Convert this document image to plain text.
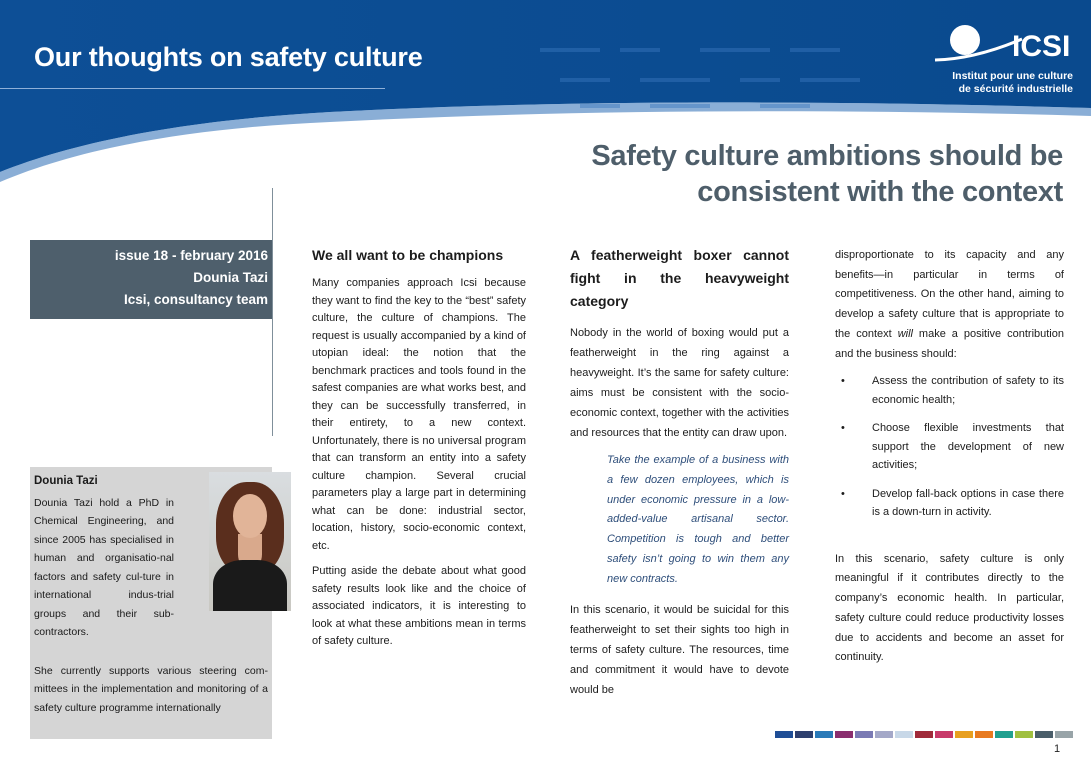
Our thoughts on safety culture	ICSI
Institut pour une culture
de sécurité industrielle
Safety culture ambitions should be
consistent with the context
issue 18 - february 2016
Dounia Tazi
Icsi, consultancy team
Dounia Tazi
Dounia Tazi hold a PhD in Chemical Engineering, and since 2005 has specialised in human and organisatio-nal factors and safety cul-ture in international indus-trial groups and their sub-contractors.
She currently supports various steering com-mittees in the implementation and monitoring of a safety culture programme internationally
We all want to be champions

Many companies approach Icsi because they want to find the key to the “best” safety culture, the culture of champions. The request is usually accompanied by a kind of utopian ideal: the notion that the benchmark practices and tools found in the safest companies are what works best, and they can be successfully transferred, in their entirety, to a new context. Unfortunately, there is no universal program that can transform an entity into a safety culture champion. Several crucial parameters play a large part in determining what can be done: industrial sector, location, history, socio-economic context, etc.

Putting aside the debate about what good safety results look like and the choice of associated indicators, it is interesting to look at what these ambitions mean in terms of safety culture.

A featherweight boxer cannot fight in the heavyweight category

Nobody in the world of boxing would put a featherweight in the ring against a heavyweight. It’s the same for safety culture: aims must be consistent with the socio-economic context, together with the activities and resources that the entity can draw upon.

Take the example of a business with a few dozen employees, which is under economic pressure in a low-added-value artisanal sector. Competition is tough and better safety isn’t going to win them any new contracts.

In this scenario, it would be suicidal for this featherweight to set their sights too high in terms of safety culture. The resources, time and commitment it would have to devote would be

disproportionate to its capacity and any benefits—in particular in terms of competitiveness. On the other hand, aiming to develop a safety culture that is appropriate to the context will make a positive contribution and the business should:

• Assess the contribution of safety to its economic health;
• Choose flexible investments that support the development of new activities;
• Develop fall-back options in case there is a down-turn in activity.

In this scenario, safety culture is only meaningful if it contributes directly to the company’s economic health. In particular, safety culture could reduce productivity losses due to accidents and become an asset for continuity.

1
